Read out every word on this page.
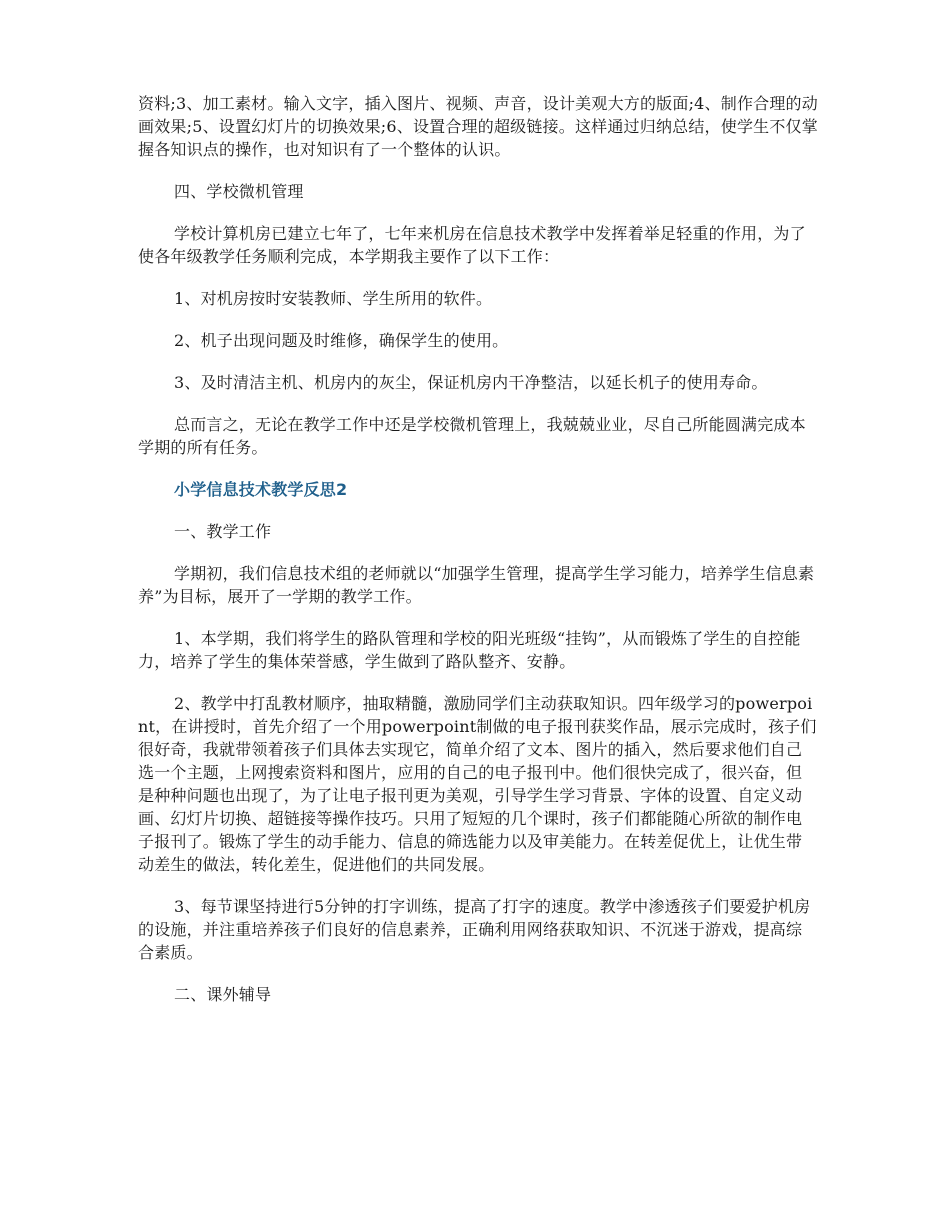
资料;3、加工素材。输入文字，插入图片、视频、声音，设计美观大方的版面;4、制作合理的动画效果;5、设置幻灯片的切换效果;6、设置合理的超级链接。这样通过归纳总结，使学生不仅掌握各知识点的操作，也对知识有了一个整体的认识。

四、学校微机管理

学校计算机房已建立七年了，七年来机房在信息技术教学中发挥着举足轻重的作用，为了使各年级教学任务顺利完成，本学期我主要作了以下工作：

1、对机房按时安装教师、学生所用的软件。

2、机子出现问题及时维修，确保学生的使用。

3、及时清洁主机、机房内的灰尘，保证机房内干净整洁，以延长机子的使用寿命。

总而言之，无论在教学工作中还是学校微机管理上，我兢兢业业，尽自己所能圆满完成本学期的所有任务。

小学信息技术教学反思2

一、教学工作

学期初，我们信息技术组的老师就以“加强学生管理，提高学生学习能力，培养学生信息素养”为目标，展开了一学期的教学工作。

1、本学期，我们将学生的路队管理和学校的阳光班级“挂钩”，从而锻炼了学生的自控能力，培养了学生的集体荣誉感，学生做到了路队整齐、安静。

2、教学中打乱教材顺序，抽取精髓，激励同学们主动获取知识。四年级学习的powerpoint，在讲授时，首先介绍了一个用powerpoint制做的电子报刊获奖作品，展示完成时，孩子们很好奇，我就带领着孩子们具体去实现它，简单介绍了文本、图片的插入，然后要求他们自己选一个主题，上网搜索资料和图片，应用的自己的电子报刊中。他们很快完成了，很兴奋，但是种种问题也出现了，为了让电子报刊更为美观，引导学生学习背景、字体的设置、自定义动画、幻灯片切换、超链接等操作技巧。只用了短短的几个课时，孩子们都能随心所欲的制作电子报刊了。锻炼了学生的动手能力、信息的筛选能力以及审美能力。在转差促优上，让优生带动差生的做法，转化差生，促进他们的共同发展。

3、每节课坚持进行5分钟的打字训练，提高了打字的速度。教学中渗透孩子们要爱护机房的设施，并注重培养孩子们良好的信息素养，正确利用网络获取知识、不沉迷于游戏，提高综合素质。

二、课外辅导
